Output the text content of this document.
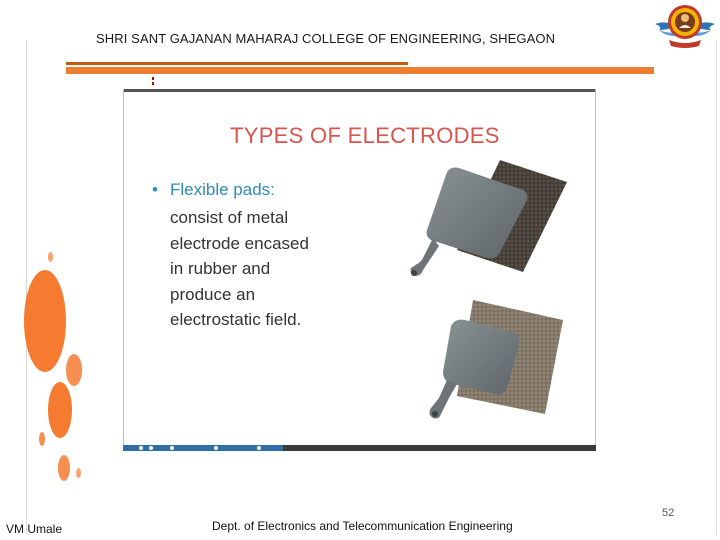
SHRI SANT GAJANAN MAHARAJ COLLEGE OF ENGINEERING, SHEGAON
TYPES OF ELECTRODES
• Flexible pads:
consist of metal
electrode encased
in rubber and
produce an
electrostatic field.
VM Umale	Dept. of Electronics and Telecommunication Engineering
52
